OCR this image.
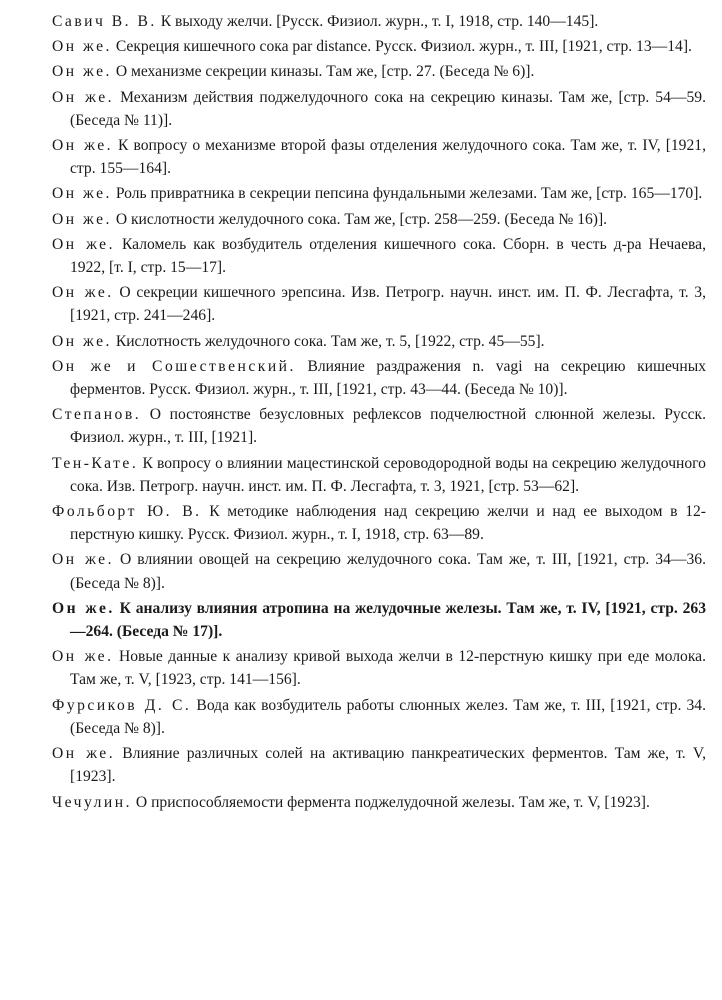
Савич В. В. К выходу желчи. [Русск. Физиол. журн., т. I, 1918, стр. 140—145].
Он же. Секреция кишечного сока par distance. Русск. Физиол. журн., т. III, [1921, стр. 13—14].
Он же. О механизме секреции киназы. Там же, [стр. 27. (Беседа № 6)].
Он же. Механизм действия поджелудочного сока на секрецию киназы. Там же, [стр. 54—59. (Беседа № 11)].
Он же. К вопросу о механизме второй фазы отделения желудочного сока. Там же, т. IV, [1921, стр. 155—164].
Он же. Роль привратника в секреции пепсина фундальными железами. Там же, [стр. 165—170].
Он же. О кислотности желудочного сока. Там же, [стр. 258—259. (Беседа № 16)].
Он же. Каломель как возбудитель отделения кишечного сока. Сборн. в честь д-ра Нечаева, 1922, [т. I, стр. 15—17].
Он же. О секреции кишечного эрепсина. Изв. Петрогр. научн. инст. им. П. Ф. Лесгафта, т. 3, [1921, стр. 241—246].
Он же. Кислотность желудочного сока. Там же, т. 5, [1922, стр. 45—55].
Он же и Сошественский. Влияние раздражения n. vagi на секрецию кишечных ферментов. Русск. Физиол. журн., т. III, [1921, стр. 43—44. (Беседа № 10)].
Степанов. О постоянстве безусловных рефлексов подчелюстной слюнной железы. Русск. Физиол. журн., т. III, [1921].
Тен-Кате. К вопросу о влиянии мацестинской сероводородной воды на секрецию желудочного сока. Изв. Петрогр. научн. инст. им. П. Ф. Лесгафта, т. 3, 1921, [стр. 53—62].
Фольборт Ю. В. К методике наблюдения над секрецию желчи и над ее выходом в 12-перстную кишку. Русск. Физиол. журн., т. I, 1918, стр. 63—89.
Он же. О влиянии овощей на секрецию желудочного сока. Там же, т. III, [1921, стр. 34—36. (Беседа № 8)].
Он же. К анализу влияния атропина на желудочные железы. Там же, т. IV, [1921, стр. 263—264. (Беседа № 17)].
Он же. Новые данные к анализу кривой выхода желчи в 12-перстную кишку при еде молока. Там же, т. V, [1923, стр. 141—156].
Фурсиков Д. С. Вода как возбудитель работы слюнных желез. Там же, т. III, [1921, стр. 34. (Беседа № 8)].
Он же. Влияние различных солей на активацию панкреатических ферментов. Там же, т. V, [1923].
Чечулин. О приспособляемости фермента поджелудочной железы. Там же, т. V, [1923].
